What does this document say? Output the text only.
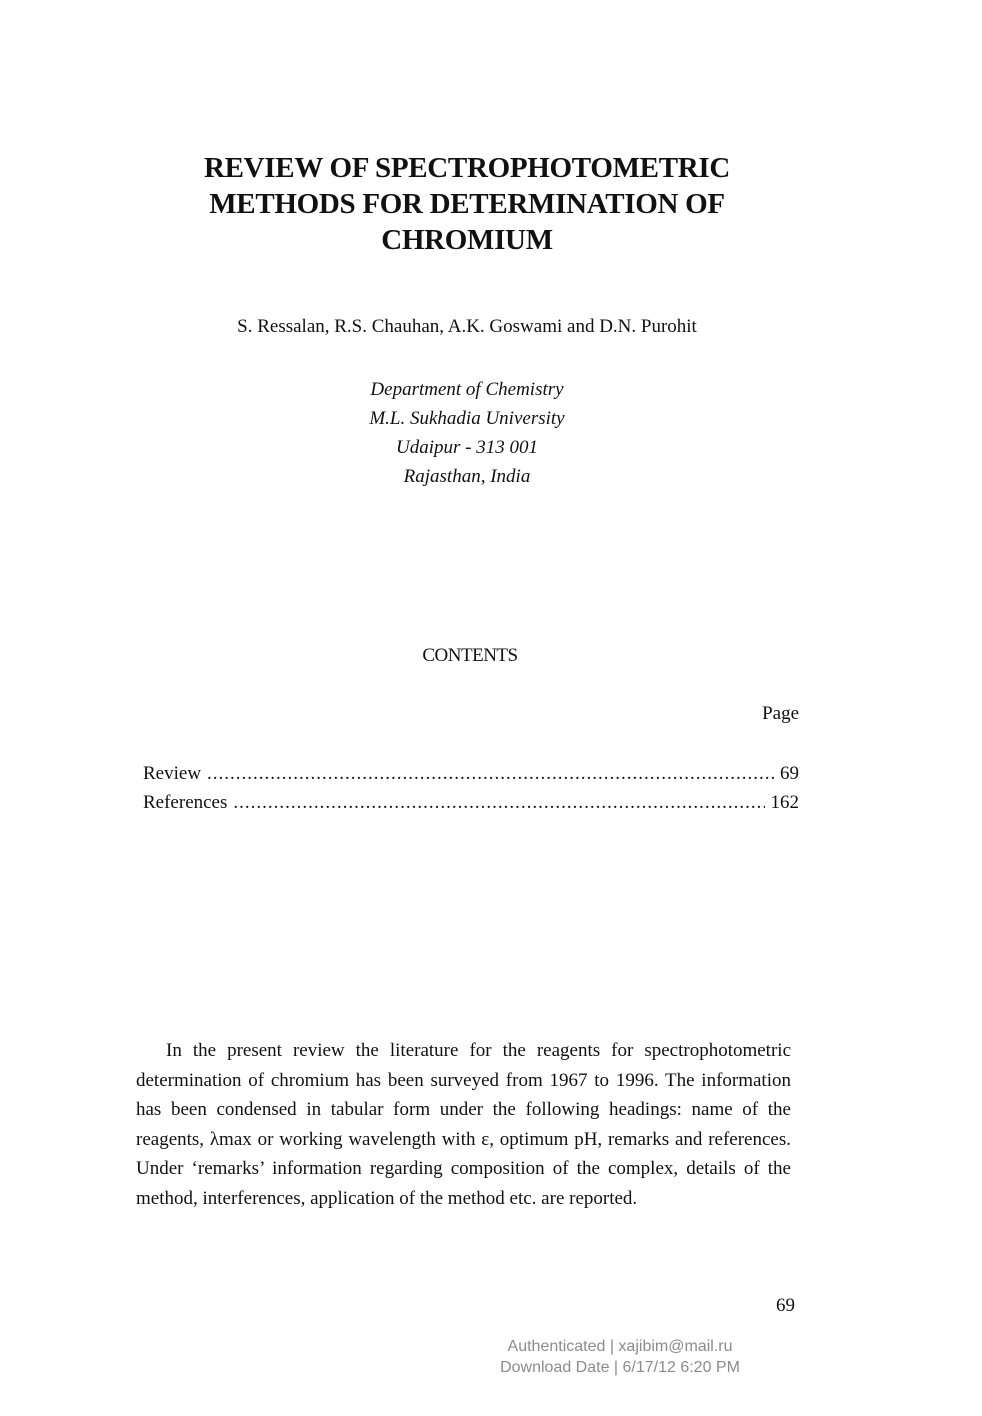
REVIEW OF SPECTROPHOTOMETRIC
METHODS FOR DETERMINATION OF
CHROMIUM
S. Ressalan, R.S. Chauhan, A.K. Goswami and D.N. Purohit
Department of Chemistry
M.L. Sukhadia University
Udaipur - 313 001
Rajasthan, India
CONTENTS
Page
Review .....	69
References .....	162

In the present review the literature for the reagents for spectrophotometric determination of chromium has been surveyed from 1967 to 1996. The information has been condensed in tabular form under the following headings: name of the reagents, λmax or working wavelength with ε, optimum pH, remarks and references. Under ‘remarks’ information regarding composition of the complex, details of the method, interferences, application of the method etc. are reported.

69
Authenticated | xajibim@mail.ru
Download Date | 6/17/12 6:20 PM
